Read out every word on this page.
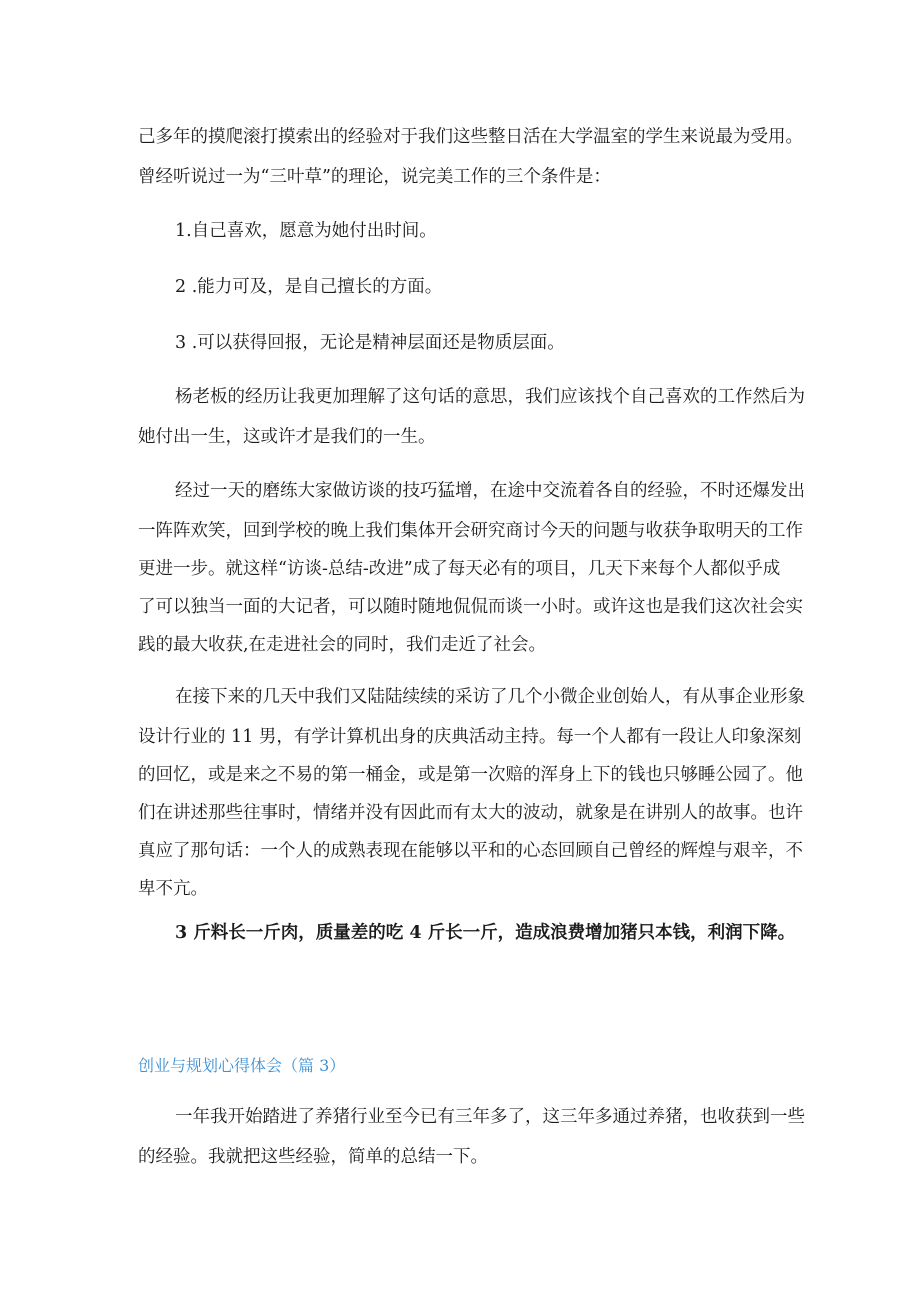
己多年的摸爬滚打摸索出的经验对于我们这些整日活在大学温室的学生来说最为受用。
曾经听说过一为“三叶草”的理论，说完美工作的三个条件是：
1.自己喜欢，愿意为她付出时间。
2 .能力可及，是自己擅长的方面。
3 .可以获得回报，无论是精神层面还是物质层面。
杨老板的经历让我更加理解了这句话的意思，我们应该找个自己喜欢的工作然后为
她付出一生，这或许才是我们的一生。
经过一天的磨练大家做访谈的技巧猛增，在途中交流着各自的经验，不时还爆发出
一阵阵欢笑，回到学校的晚上我们集体开会研究商讨今天的问题与收获争取明天的工作
更进一步。就这样“访谈-总结-改进”成了每天必有的项目，几天下来每个人都似乎成
了可以独当一面的大记者，可以随时随地侃侃而谈一小时。或许这也是我们这次社会实
践的最大收获,在走进社会的同时，我们走近了社会。
在接下来的几天中我们又陆陆续续的采访了几个小微企业创始人，有从事企业形象
设计行业的 11 男，有学计算机出身的庆典活动主持。每一个人都有一段让人印象深刻
的回忆，或是来之不易的第一桶金，或是第一次赔的浑身上下的钱也只够睡公园了。他
们在讲述那些往事时，情绪并没有因此而有太大的波动，就象是在讲别人的故事。也许
真应了那句话：一个人的成熟表现在能够以平和的心态回顾自己曾经的辉煌与艰辛，不
卑不亢。
3 斤料长一斤肉，质量差的吃 4 斤长一斤，造成浪费增加猪只本钱，利润下降。
创业与规划心得体会（篇 3）
一年我开始踏进了养猪行业至今已有三年多了，这三年多通过养猪，也收获到一些
的经验。我就把这些经验，简单的总结一下。
